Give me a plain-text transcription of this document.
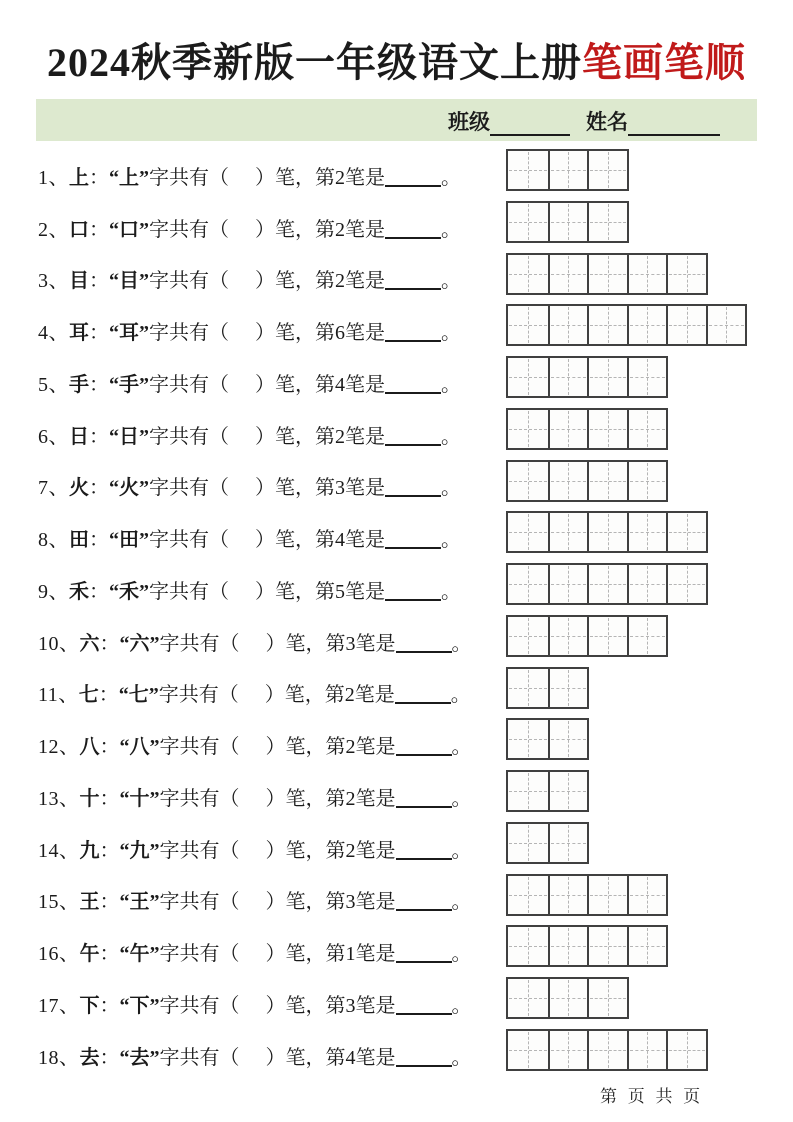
2024秋季新版一年级语文上册笔画笔顺
班级	姓名
1、上：“上”字共有（ ）笔，第2笔是	。
2、口：“口”字共有（ ）笔，第2笔是	。
3、目：“目”字共有（ ）笔，第2笔是	。
4、耳：“耳”字共有（ ）笔，第6笔是	。
5、手：“手”字共有（ ）笔，第4笔是	。
6、日：“日”字共有（ ）笔，第2笔是	。
7、火：“火”字共有（ ）笔，第3笔是	。
8、田：“田”字共有（ ）笔，第4笔是	。
9、禾：“禾”字共有（ ）笔，第5笔是	。
10、六：“六”字共有（ ）笔，第3笔是	。
11、七：“七”字共有（ ）笔，第2笔是	。
12、八：“八”字共有（ ）笔，第2笔是	。
13、十：“十”字共有（ ）笔，第2笔是	。
14、九：“九”字共有（ ）笔，第2笔是	。
15、王：“王”字共有（ ）笔，第3笔是	。
16、午：“午”字共有（ ）笔，第1笔是	。
17、下：“下”字共有（ ）笔，第3笔是	。
18、去：“去”字共有（ ）笔，第4笔是	。
第 页 共 页
